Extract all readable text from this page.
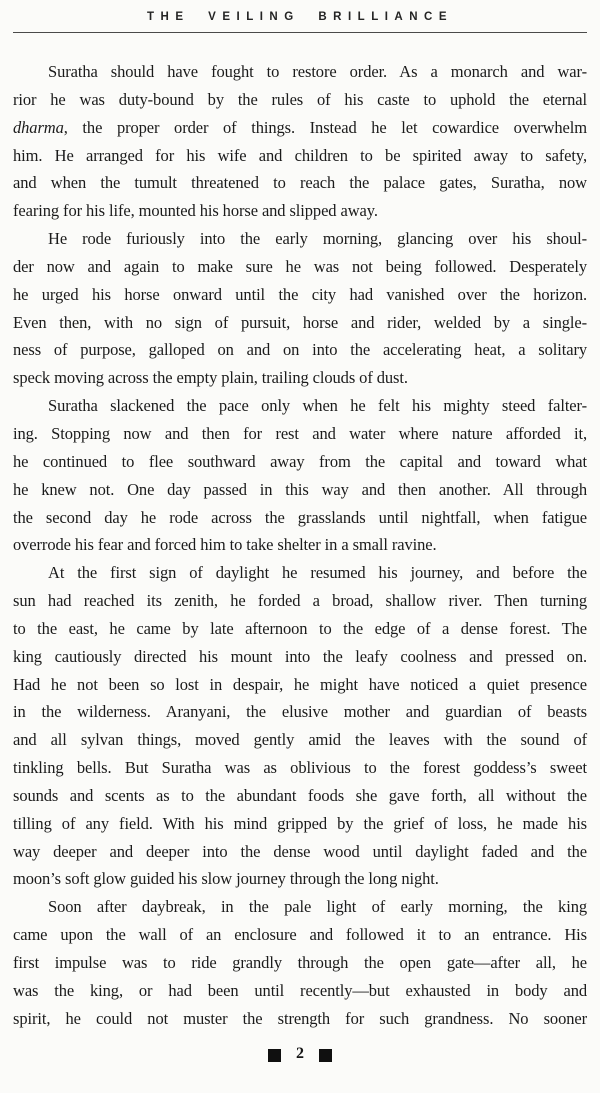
THE VEILING BRILLIANCE
Suratha should have fought to restore order. As a monarch and war-
rior he was duty-bound by the rules of his caste to uphold the eternal
dharma, the proper order of things. Instead he let cowardice overwhelm
him. He arranged for his wife and children to be spirited away to safety,
and when the tumult threatened to reach the palace gates, Suratha, now
fearing for his life, mounted his horse and slipped away.
He rode furiously into the early morning, glancing over his shoul-
der now and again to make sure he was not being followed. Desperately
he urged his horse onward until the city had vanished over the horizon.
Even then, with no sign of pursuit, horse and rider, welded by a single-
ness of purpose, galloped on and on into the accelerating heat, a solitary
speck moving across the empty plain, trailing clouds of dust.
Suratha slackened the pace only when he felt his mighty steed falter-
ing. Stopping now and then for rest and water where nature afforded it,
he continued to flee southward away from the capital and toward what
he knew not. One day passed in this way and then another. All through
the second day he rode across the grasslands until nightfall, when fatigue
overrode his fear and forced him to take shelter in a small ravine.
At the first sign of daylight he resumed his journey, and before the
sun had reached its zenith, he forded a broad, shallow river. Then turning
to the east, he came by late afternoon to the edge of a dense forest. The
king cautiously directed his mount into the leafy coolness and pressed on.
Had he not been so lost in despair, he might have noticed a quiet presence
in the wilderness. Aranyani, the elusive mother and guardian of beasts
and all sylvan things, moved gently amid the leaves with the sound of
tinkling bells. But Suratha was as oblivious to the forest goddess’s sweet
sounds and scents as to the abundant foods she gave forth, all without the
tilling of any field. With his mind gripped by the grief of loss, he made his
way deeper and deeper into the dense wood until daylight faded and the
moon’s soft glow guided his slow journey through the long night.
Soon after daybreak, in the pale light of early morning, the king
came upon the wall of an enclosure and followed it to an entrance. His
first impulse was to ride grandly through the open gate—after all, he
was the king, or had been until recently—but exhausted in body and
spirit, he could not muster the strength for such grandness. No sooner
2
